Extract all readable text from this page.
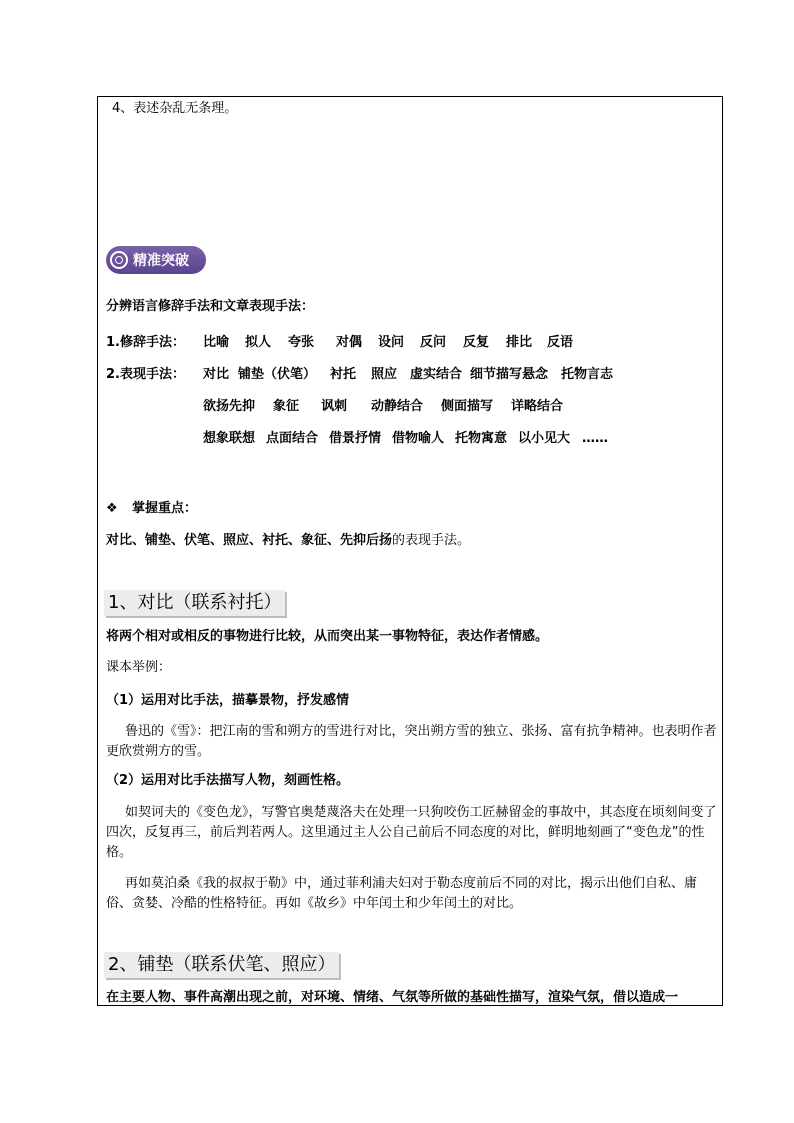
4、表述杂乱无条理。
精准突破
分辨语言修辞手法和文章表现手法：
1.修辞手法： 比喻 拟人 夸张 对偶 设问 反问 反复 排比 反语
2.表现手法： 对比 铺垫（伏笔） 衬托 照应 虚实结合 细节描写悬念 托物言志
欲扬先抑 象征 讽刺 动静结合 侧面描写 详略结合
想象联想 点面结合 借景抒情 借物喻人 托物寓意 以小见大 ……
❖ 掌握重点：
对比、铺垫、伏笔、照应、衬托、象征、先抑后扬的表现手法。
1、对比（联系衬托）
将两个相对或相反的事物进行比较，从而突出某一事物特征，表达作者情感。
课本举例：
（1）运用对比手法，描摹景物，抒发感情
鲁迅的《雪》：把江南的雪和朔方的雪进行对比，突出朔方雪的独立、张扬、富有抗争精神。也表明作者更欣赏朔方的雪。
（2）运用对比手法描写人物，刻画性格。
如契诃夫的《变色龙》，写警官奥楚蔑洛夫在处理一只狗咬伤工匠赫留金的事故中，其态度在顷刻间变了四次，反复再三，前后判若两人。这里通过主人公自己前后不同态度的对比，鲜明地刻画了“变色龙”的性格。
再如莫泊桑《我的叔叔于勒》中，通过菲利浦夫妇对于勒态度前后不同的对比，揭示出他们自私、庸俗、贪婪、冷酷的性格特征。再如《故乡》中年闰土和少年闰土的对比。
2、铺垫（联系伏笔、照应）
在主要人物、事件高潮出现之前，对环境、情绪、气氛等所做的基础性描写，渲染气氛，借以造成一
